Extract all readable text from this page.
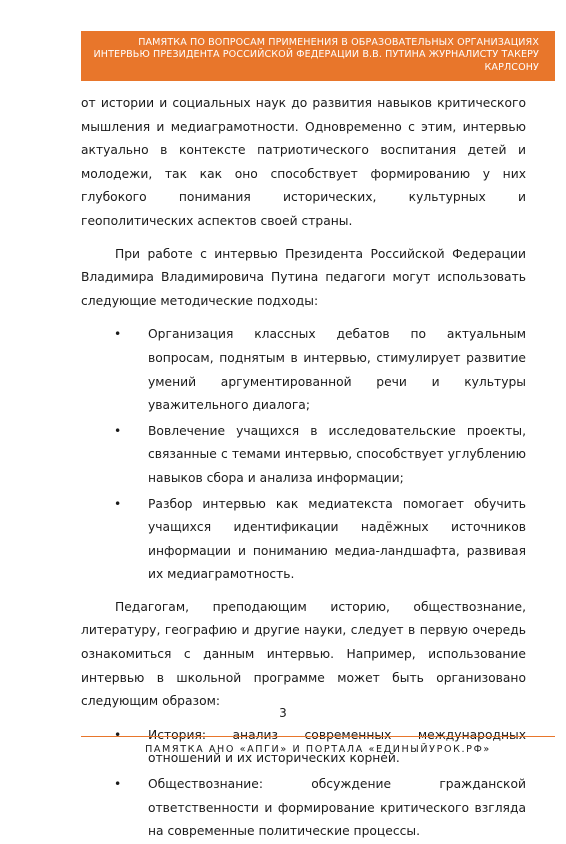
ПАМЯТКА ПО ВОПРОСАМ ПРИМЕНЕНИЯ В ОБРАЗОВАТЕЛЬНЫХ ОРГАНИЗАЦИЯХ
ИНТЕРВЬЮ ПРЕЗИДЕНТА РОССИЙСКОЙ ФЕДЕРАЦИИ В.В. ПУТИНА ЖУРНАЛИСТУ ТАКЕРУ
КАРЛСОНУ

от истории и социальных наук до развития навыков критического мышления и медиаграмотности. Одновременно с этим, интервью актуально в контексте патриотического воспитания детей и молодежи, так как оно способствует формированию у них глубокого понимания исторических, культурных и геополитических аспектов своей страны.

При работе с интервью Президента Российской Федерации Владимира Владимировича Путина педагоги могут использовать следующие методические подходы:

• Организация классных дебатов по актуальным вопросам, поднятым в интервью, стимулирует развитие умений аргументированной речи и культуры уважительного диалога;
• Вовлечение учащихся в исследовательские проекты, связанные с темами интервью, способствует углублению навыков сбора и анализа информации;
• Разбор интервью как медиатекста помогает обучить учащихся идентификации надёжных источников информации и пониманию медиа-ландшафта, развивая их медиаграмотность.

Педагогам, преподающим историю, обществознание, литературу, географию и другие науки, следует в первую очередь ознакомиться с данным интервью. Например, использование интервью в школьной программе может быть организовано следующим образом:

• История: анализ современных международных отношений и их исторических корней.
• Обществознание: обсуждение гражданской ответственности и формирование критического взгляда на современные политические процессы.
3
ПАМЯТКА АНО «АПГИ» И ПОРТАЛА «ЕДИНЫЙУРОК.РФ»
